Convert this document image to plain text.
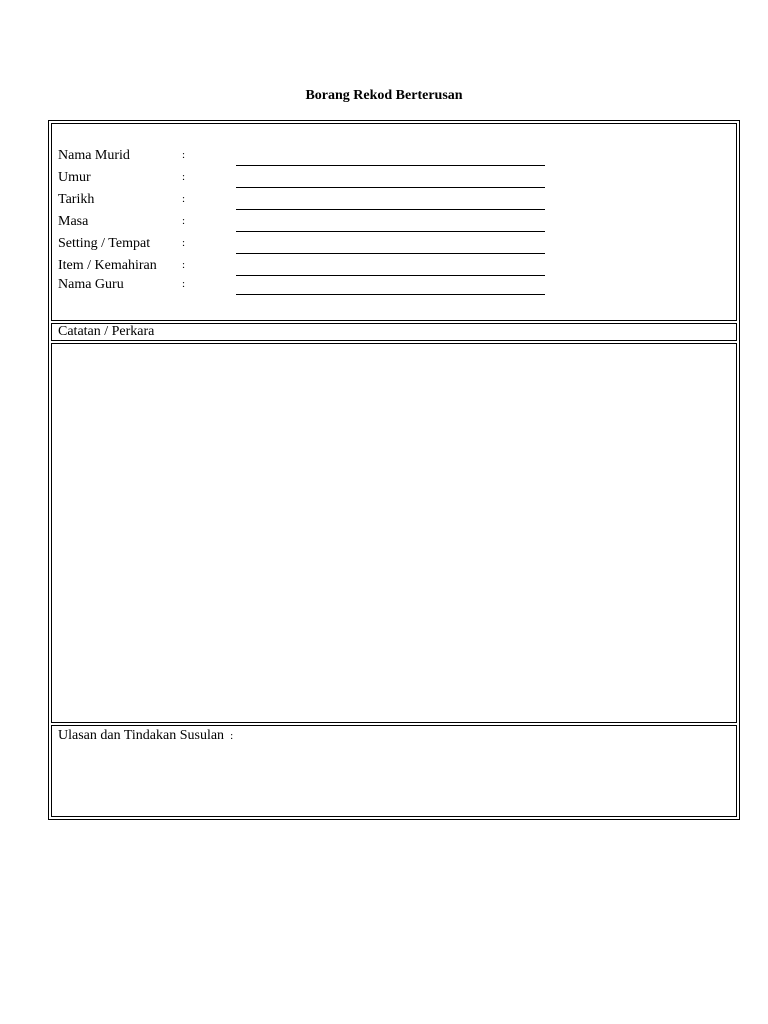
Borang Rekod Berterusan
Nama Murid	:
Umur	:
Tarikh	:
Masa	:
Setting / Tempat	:
Item / Kemahiran :
Nama Guru	:
Catatan / Perkara
Ulasan dan Tindakan Susulan :
